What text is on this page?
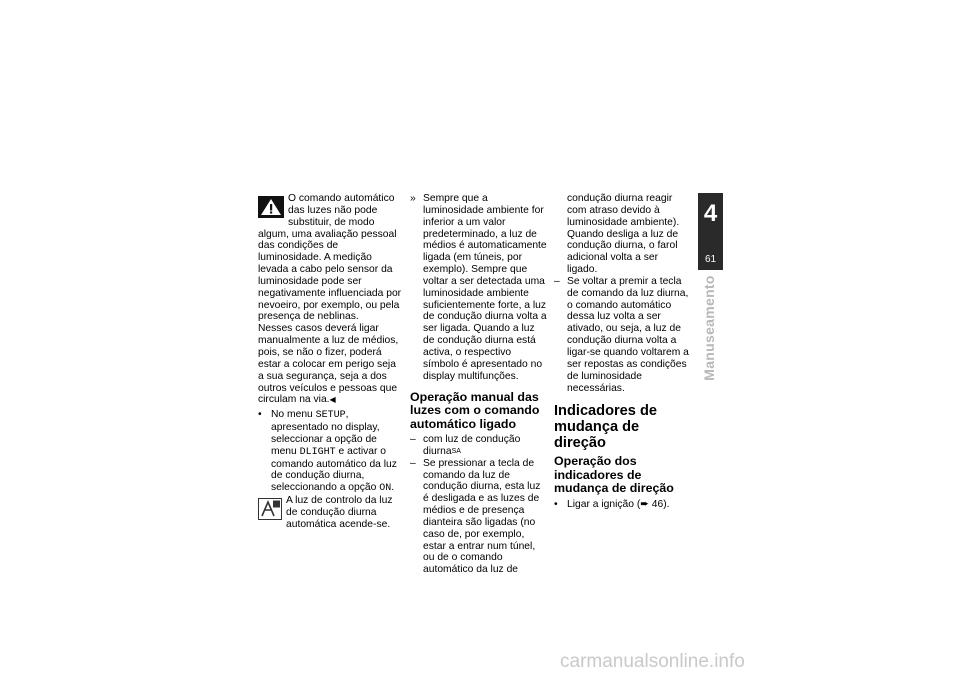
O comando automático das luzes não pode substituir, de modo algum, uma avaliação pessoal das condições de luminosidade. A medição levada a cabo pelo sensor da luminosidade pode ser negativamente influenciada por nevoeiro, por exemplo, ou pela presença de neblinas.

Nesses casos deverá ligar manualmente a luz de médios, pois, se não o fizer, poderá estar a colocar em perigo seja a sua segurança, seja a dos outros veículos e pessoas que circulam na via.◀

• No menu SETUP, apresentado no display, seleccionar a opção de menu DLIGHT e activar o comando automático da luz de condução diurna, seleccionando a opção ON.

A luz de controlo da luz de condução diurna automática acende-se.

» Sempre que a luminosidade ambiente for inferior a um valor predeterminado, a luz de médios é automaticamente ligada (em túneis, por exemplo). Sempre que voltar a ser detectada uma luminosidade ambiente suficientemente forte, a luz de condução diurna volta a ser ligada. Quando a luz de condução diurna está activa, o respectivo símbolo é apresentado no display multifunções.
Operação manual das luzes com o comando automático ligado
– com luz de condução diurna$^{SA}$
– Se pressionar a tecla de comando da luz de condução diurna, esta luz é desligada e as luzes de médios e de presença dianteira são ligadas (no caso de, por exemplo, estar a entrar num túnel, ou de o comando automático da luz de
condução diurna reagir com atraso devido à luminosidade ambiente). Quando desliga a luz de condução diurna, o farol adicional volta a ser ligado.
– Se voltar a premir a tecla de comando da luz diurna, o comando automático dessa luz volta a ser ativado, ou seja, a luz de condução diurna volta a ligar-se quando voltarem a ser repostas as condições de luminosidade necessárias.
Indicadores de mudança de direção
Operação dos indicadores de mudança de direção
• Ligar a ignição (➨ 46).
4
61
Manuseamento
carmanualsonline.info
